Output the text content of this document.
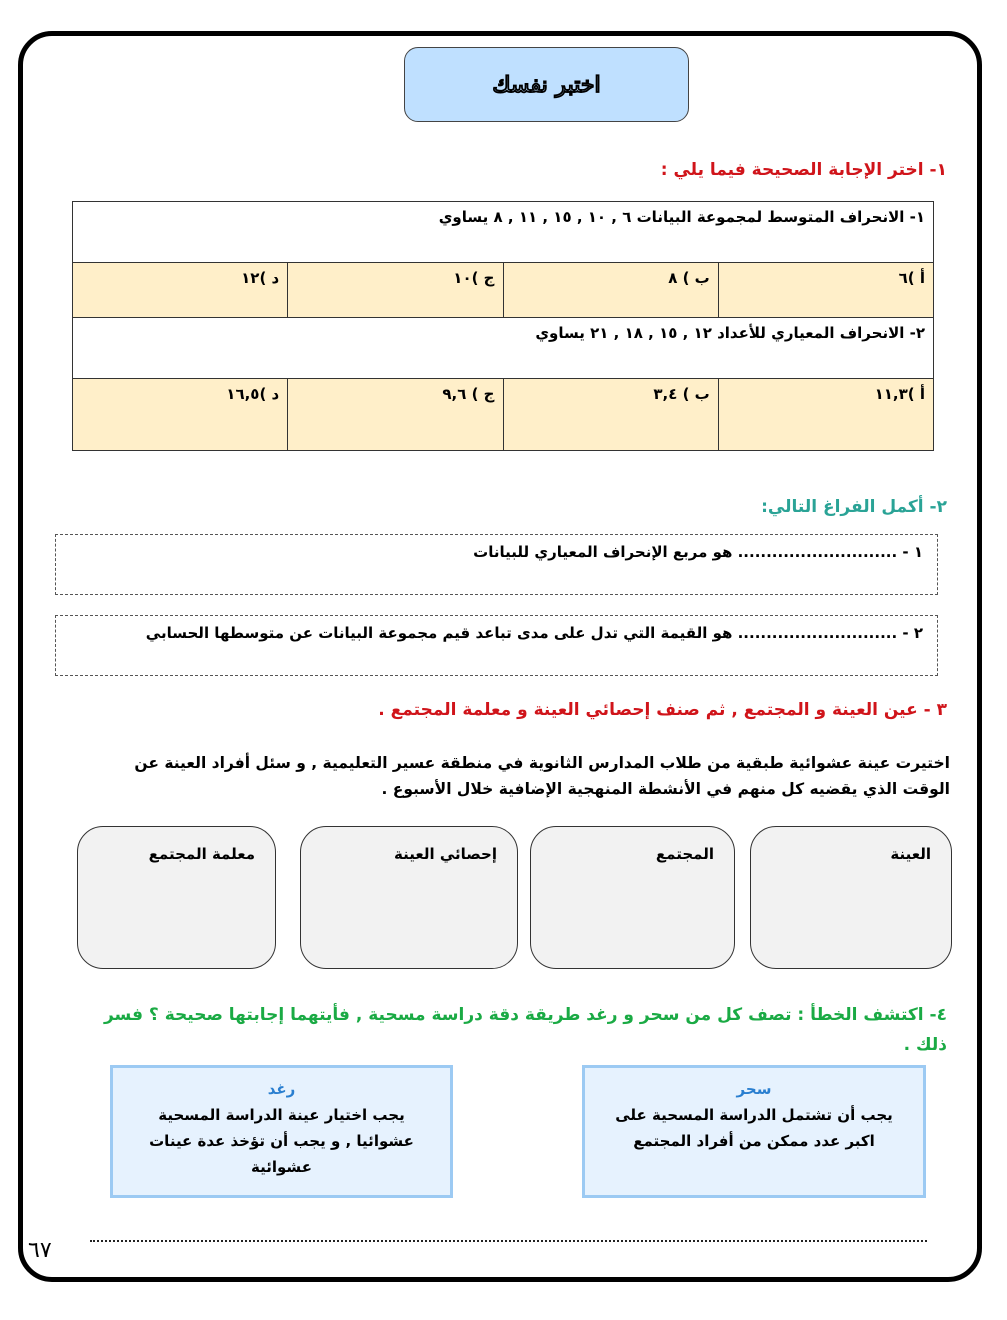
اختبر نفسك
١- اختر الإجابة الصحيحة فيما يلي :
١- الانحراف المتوسط لمجموعة البيانات ٦ , ١٠ , ١٥ , ١١ , ٨ يساوي			
أ )٦	ب ) ٨	ج )١٠	د )١٢
٢- الانحراف المعياري للأعداد ١٢ , ١٥ , ١٨ , ٢١ يساوي			
أ )١١,٣	ب ) ٣,٤	ج ) ٩,٦	د )١٦,٥
٢- أكمل الفراغ التالي:
١ - ............................ هو مربع الإنحراف المعياري للبيانات
٢ - ............................ هو القيمة التي تدل على مدى تباعد قيم مجموعة البيانات عن متوسطها الحسابي
٣ - عين العينة و المجتمع , ثم صنف إحصائي العينة و معلمة المجتمع .
اختيرت عينة عشوائية طبقية من طلاب المدارس الثانوية في منطقة عسير التعليمية , و سئل أفراد العينة عن الوقت الذي يقضيه كل منهم في الأنشطة المنهجية الإضافية خلال الأسبوع .
العينة
المجتمع
إحصائي العينة
معلمة المجتمع
٤- اكتشف الخطأ : تصف كل من سحر و رغد طريقة دقة دراسة مسحية , فأيتهما إجابتها صحيحة ؟ فسر ذلك .
سحر
يجب أن تشتمل الدراسة المسحية على اكبر عدد ممكن من أفراد المجتمع
رغد
يجب اختيار عينة الدراسة المسحية عشوائيا , و يجب أن تؤخذ عدة عينات عشوائية
٦٧
